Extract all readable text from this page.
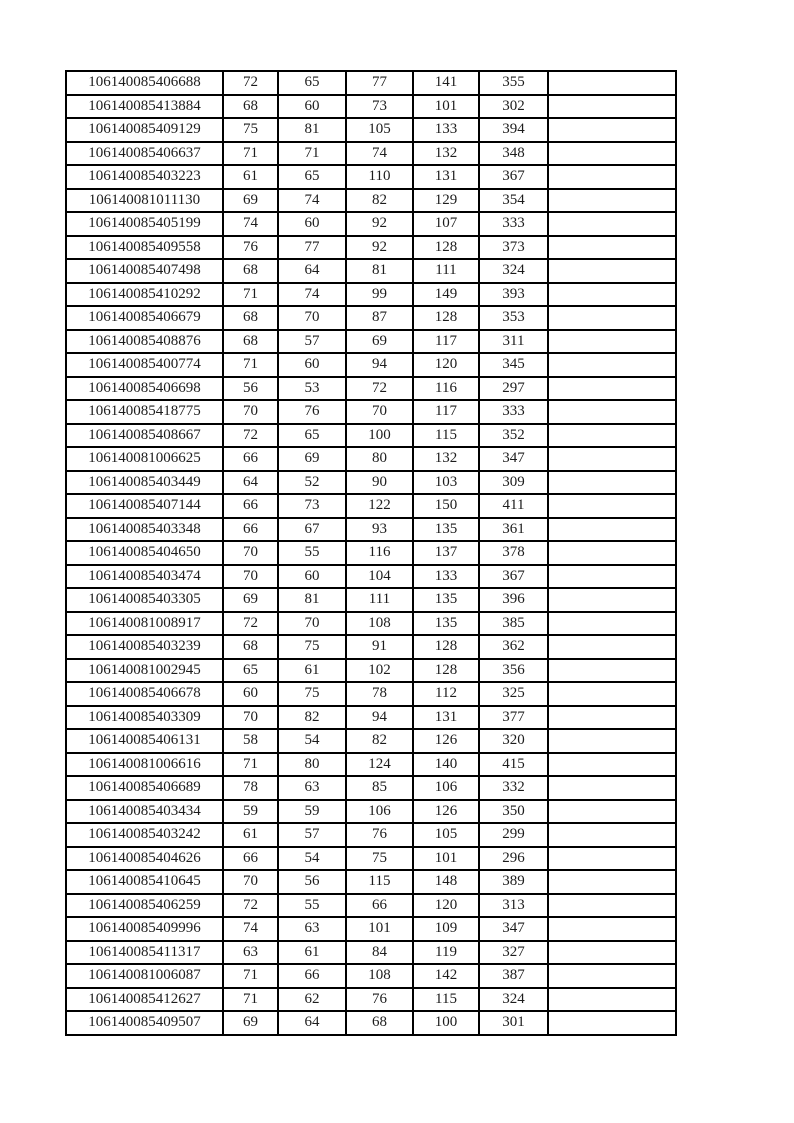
106140085406688	72	65	77	141	355	
106140085413884	68	60	73	101	302	
106140085409129	75	81	105	133	394	
106140085406637	71	71	74	132	348	
106140085403223	61	65	110	131	367	
106140081011130	69	74	82	129	354	
106140085405199	74	60	92	107	333	
106140085409558	76	77	92	128	373	
106140085407498	68	64	81	111	324	
106140085410292	71	74	99	149	393	
106140085406679	68	70	87	128	353	
106140085408876	68	57	69	117	311	
106140085400774	71	60	94	120	345	
106140085406698	56	53	72	116	297	
106140085418775	70	76	70	117	333	
106140085408667	72	65	100	115	352	
106140081006625	66	69	80	132	347	
106140085403449	64	52	90	103	309	
106140085407144	66	73	122	150	411	
106140085403348	66	67	93	135	361	
106140085404650	70	55	116	137	378	
106140085403474	70	60	104	133	367	
106140085403305	69	81	111	135	396	
106140081008917	72	70	108	135	385	
106140085403239	68	75	91	128	362	
106140081002945	65	61	102	128	356	
106140085406678	60	75	78	112	325	
106140085403309	70	82	94	131	377	
106140085406131	58	54	82	126	320	
106140081006616	71	80	124	140	415	
106140085406689	78	63	85	106	332	
106140085403434	59	59	106	126	350	
106140085403242	61	57	76	105	299	
106140085404626	66	54	75	101	296	
106140085410645	70	56	115	148	389	
106140085406259	72	55	66	120	313	
106140085409996	74	63	101	109	347	
106140085411317	63	61	84	119	327	
106140081006087	71	66	108	142	387	
106140085412627	71	62	76	115	324	
106140085409507	69	64	68	100	301	
